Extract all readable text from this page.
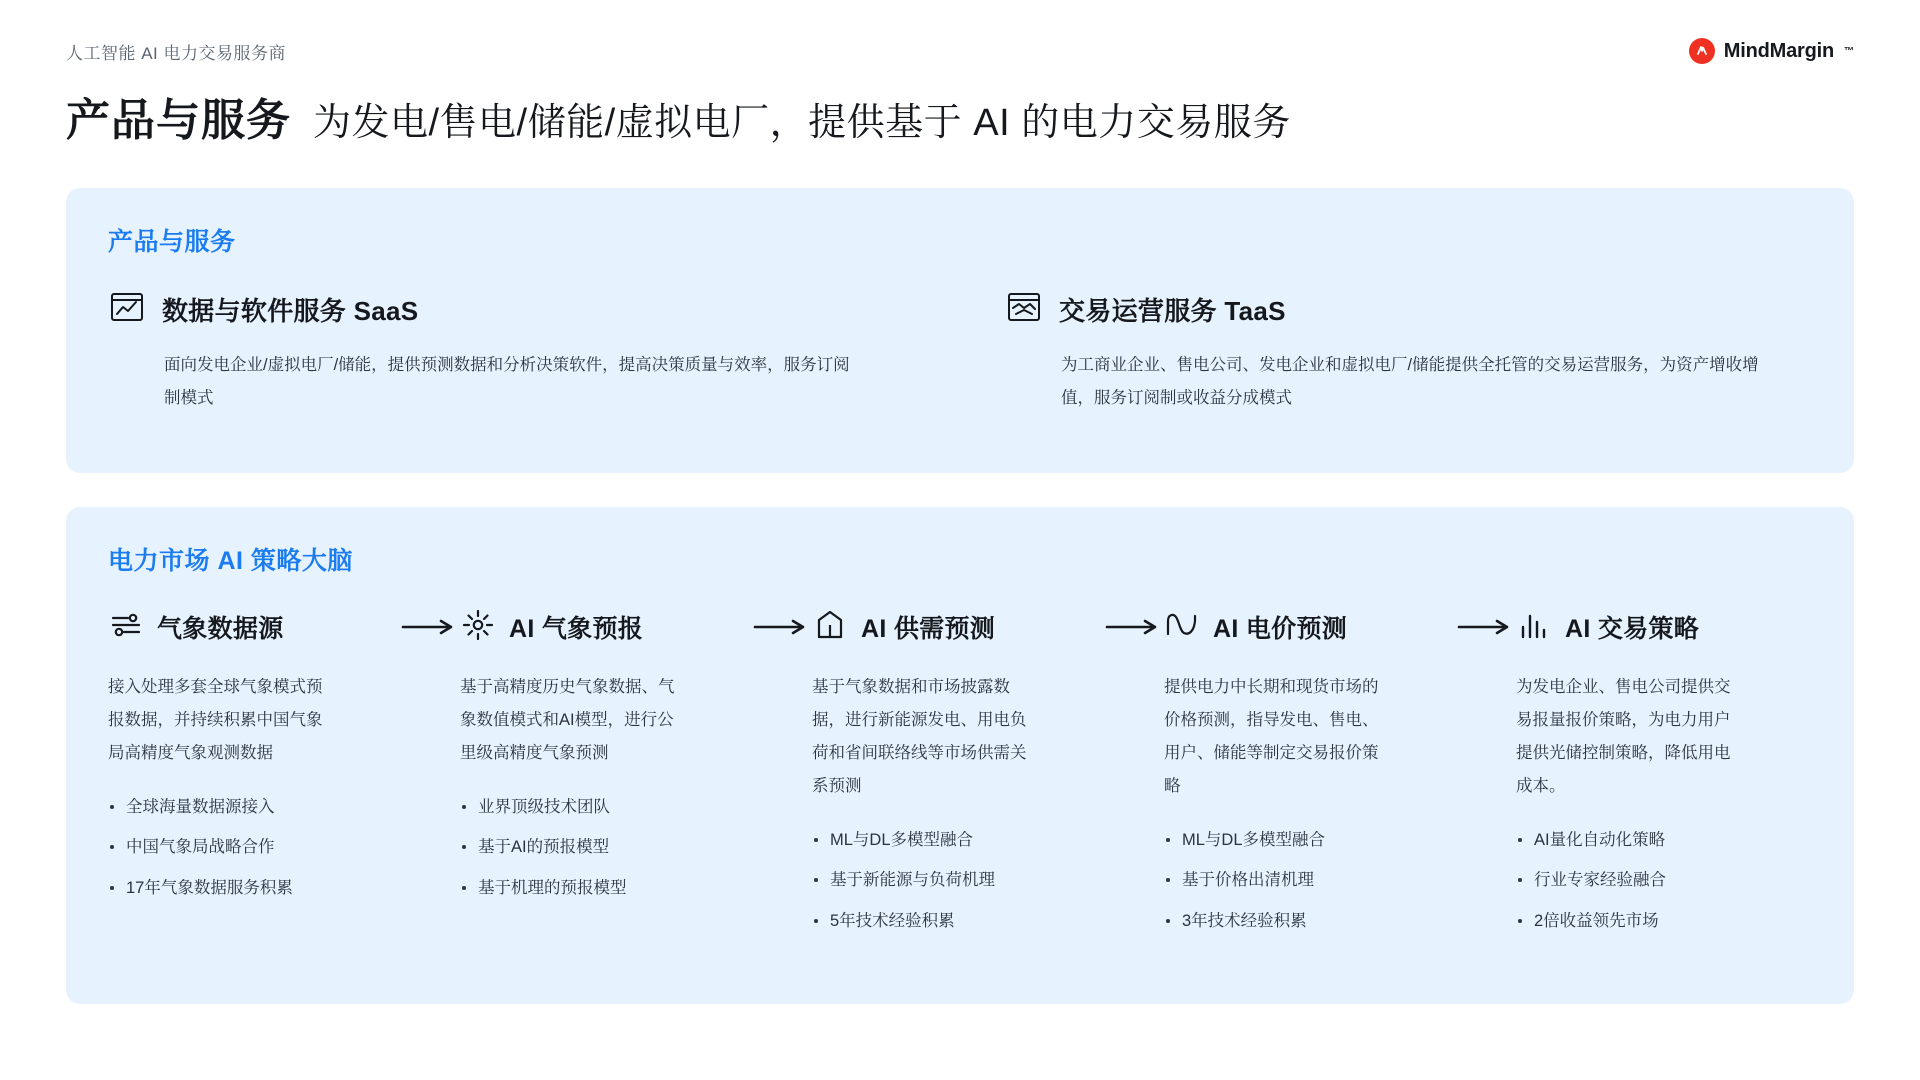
人工智能 AI 电力交易服务商	MindMargin ™
产品与服务 为发电/售电/储能/虚拟电厂，提供基于 AI 的电力交易服务
产品与服务
数据与软件服务 SaaS
面向发电企业/虚拟电厂/储能，提供预测数据和分析决策软件，提高决策质量与效率，服务订阅制模式
交易运营服务 TaaS
为工商业企业、售电公司、发电企业和虚拟电厂/储能提供全托管的交易运营服务，为资产增收增值，服务订阅制或收益分成模式
电力市场 AI 策略大脑
气象数据源
接入处理多套全球气象模式预报数据，并持续积累中国气象局高精度气象观测数据
全球海量数据源接入
中国气象局战略合作
17年气象数据服务积累
AI 气象预报
基于高精度历史气象数据、气象数值模式和AI模型，进行公里级高精度气象预测
业界顶级技术团队
基于AI的预报模型
基于机理的预报模型
AI 供需预测
基于气象数据和市场披露数据，进行新能源发电、用电负荷和省间联络线等市场供需关系预测
ML与DL多模型融合
基于新能源与负荷机理
5年技术经验积累
AI 电价预测
提供电力中长期和现货市场的价格预测，指导发电、售电、用户、储能等制定交易报价策略
ML与DL多模型融合
基于价格出清机理
3年技术经验积累
AI 交易策略
为发电企业、售电公司提供交易报量报价策略，为电力用户提供光储控制策略，降低用电成本。
AI量化自动化策略
行业专家经验融合
2倍收益领先市场
